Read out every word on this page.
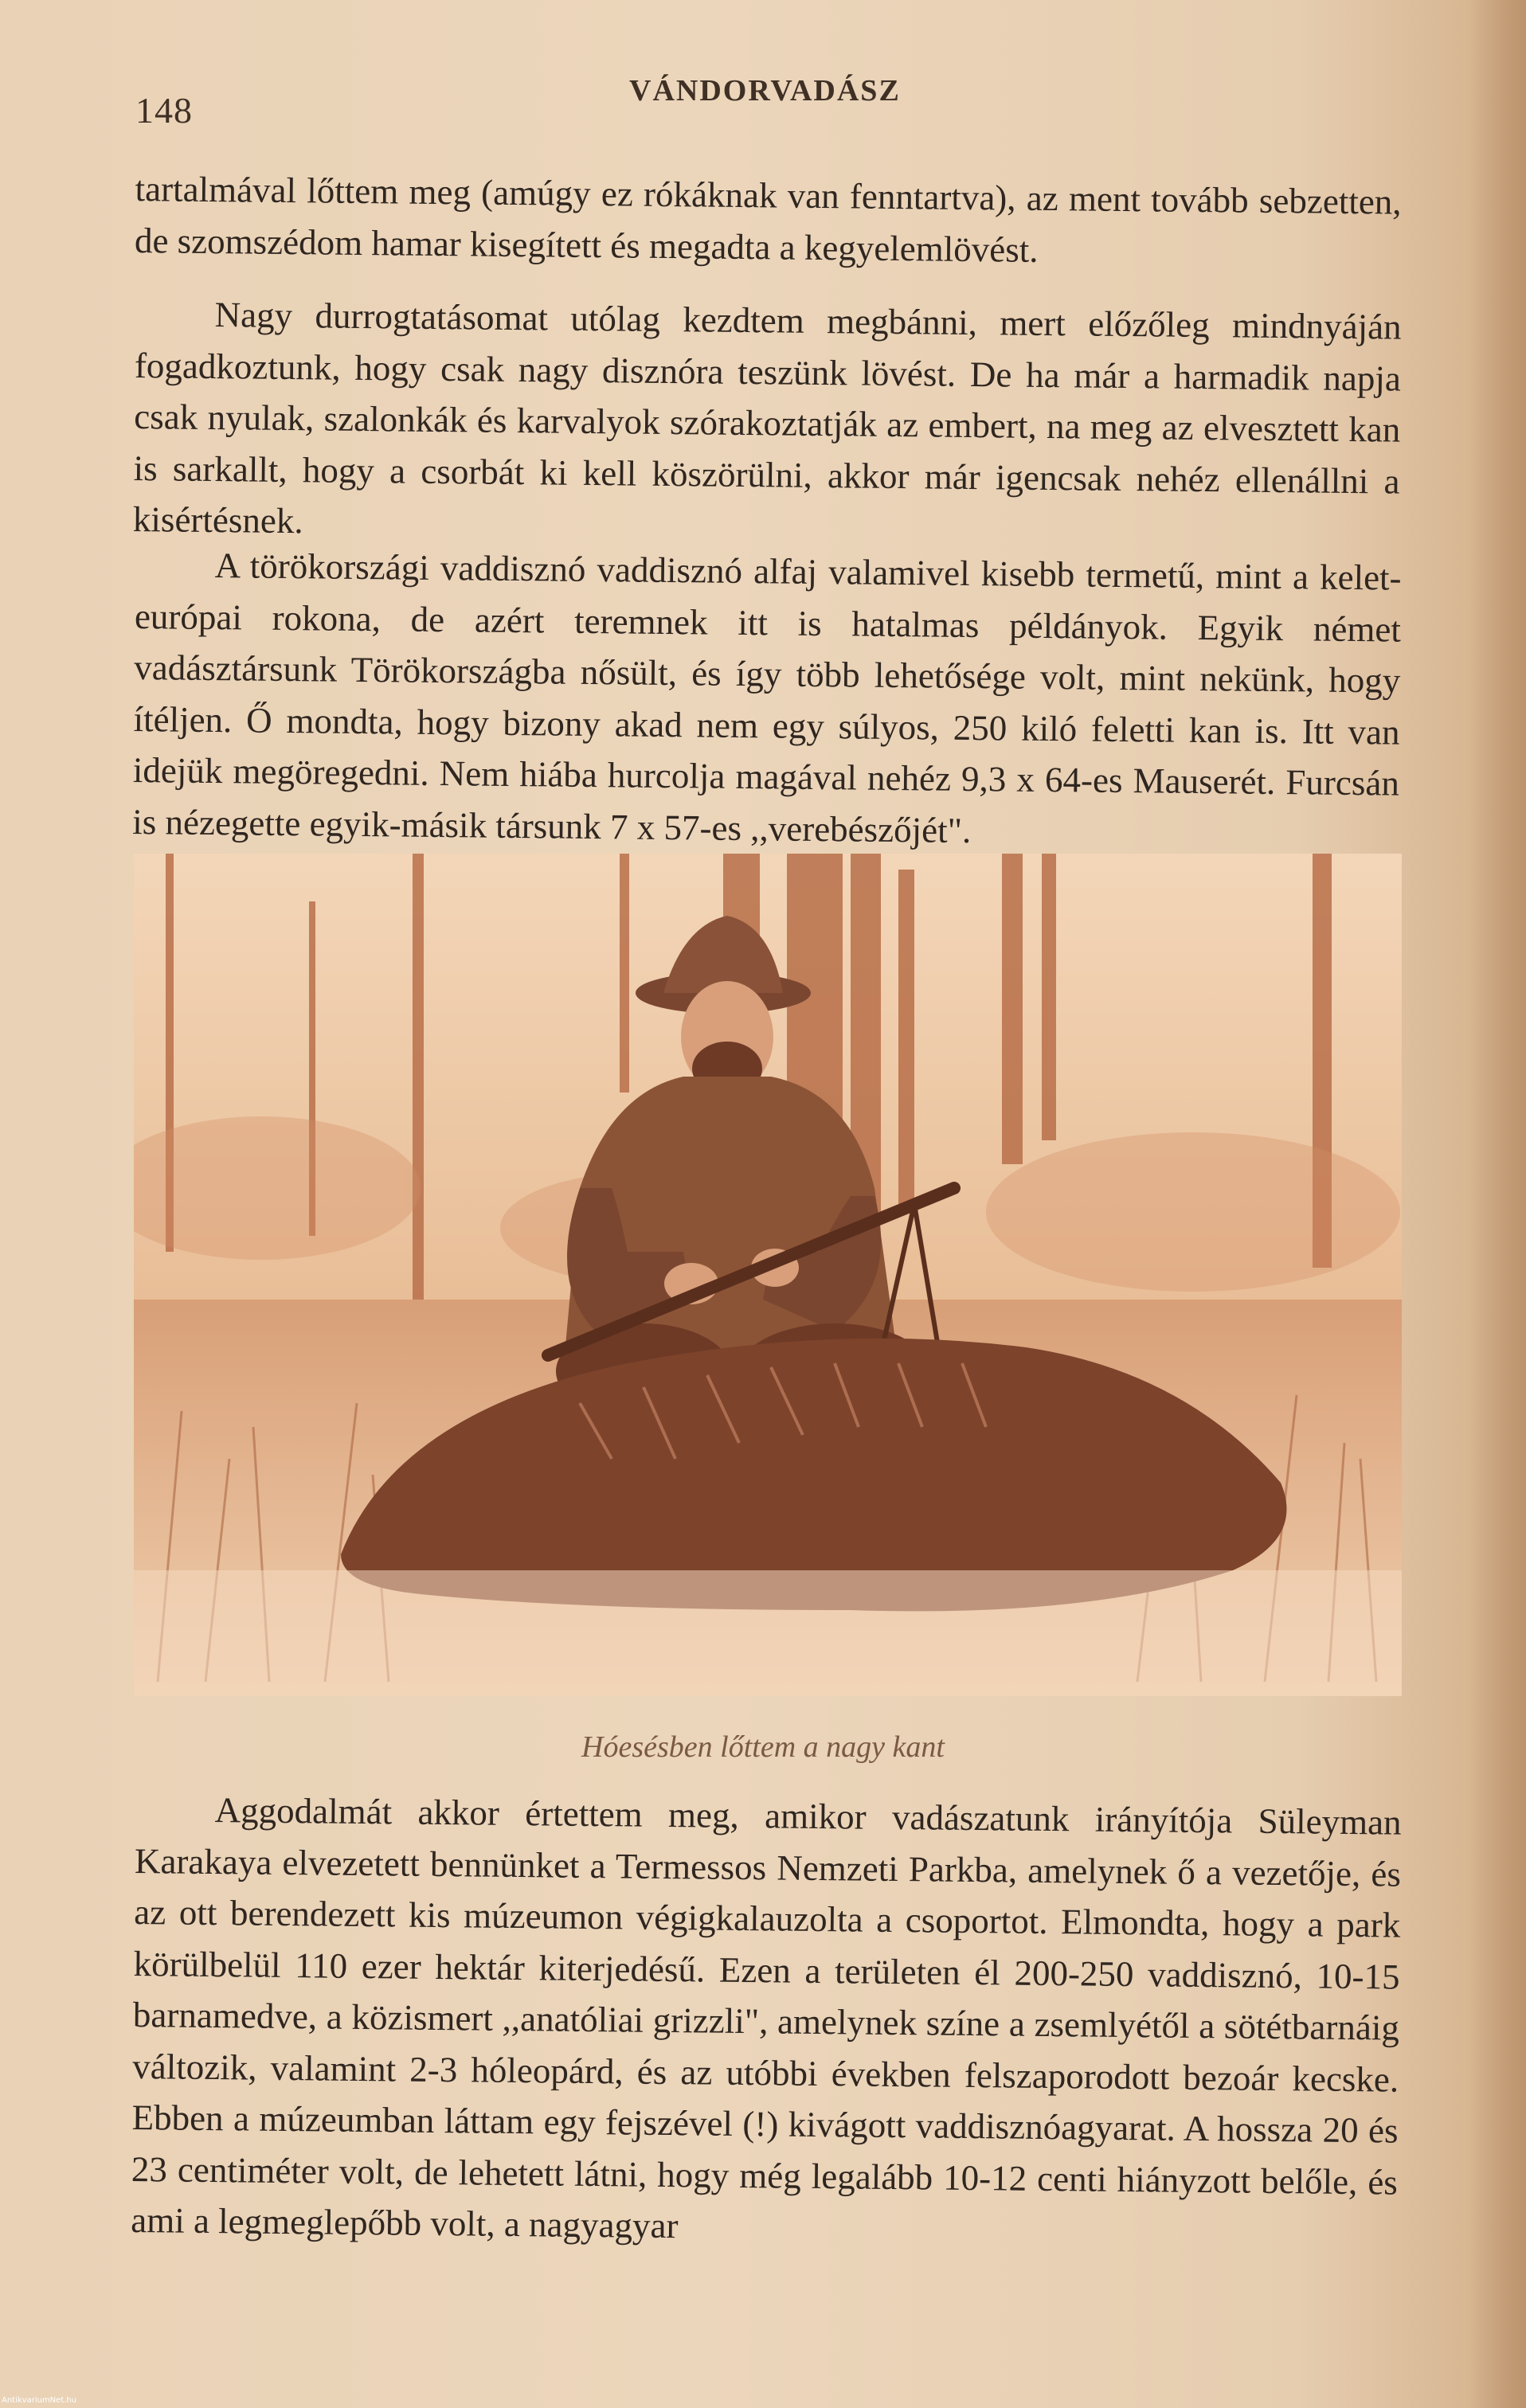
148	VÁNDORVADÁSZ

tartalmával lőttem meg (amúgy ez rókáknak van fenntartva), az ment tovább sebzetten, de szomszédom hamar kisegített és megadta a kegyelemlövést.

Nagy durrogtatásomat utólag kezdtem megbánni, mert előzőleg mindnyáján fogadkoztunk, hogy csak nagy disznóra teszünk lövést. De ha már a harmadik napja csak nyulak, szalonkák és karvalyok szórakoztatják az embert, na meg az elvesztett kan is sarkallt, hogy a csorbát ki kell köszörülni, akkor már igencsak nehéz ellenállni a kisértésnek.

A törökországi vaddisznó vaddisznó alfaj valamivel kisebb termetű, mint a kelet-európai rokona, de azért teremnek itt is hatalmas példányok. Egyik német vadásztársunk Törökországba nősült, és így több lehetősége volt, mint nekünk, hogy ítéljen. Ő mondta, hogy bizony akad nem egy súlyos, 250 kiló feletti kan is. Itt van idejük megöregedni. Nem hiába hurcolja magával nehéz 9,3 x 64-es Mauserét. Furcsán is nézegette egyik-másik társunk 7 x 57-es ,,verebészőjét".

Hóesésben lőttem a nagy kant

Aggodalmát akkor értettem meg, amikor vadászatunk irányítója Süleyman Karakaya elvezetett bennünket a Termessos Nemzeti Parkba, amelynek ő a vezetője, és az ott berendezett kis múzeumon végigkalauzolta a csoportot. Elmondta, hogy a park körülbelül 110 ezer hektár kiterjedésű. Ezen a területen él 200-250 vaddisznó, 10-15 barnamedve, a közismert ,,anatóliai grizzli", amelynek színe a zsemlyétől a sötétbarnáig változik, valamint 2-3 hóleopárd, és az utóbbi években felszaporodott bezoár kecske. Ebben a múzeumban láttam egy fejszével (!) kivágott vaddisznóagyarat. A hossza 20 és 23 centiméter volt, de lehetett látni, hogy még legalább 10-12 centi hiányzott belőle, és ami a legmeglepőbb volt, a nagyagyar

AntikvariumNet.hu
